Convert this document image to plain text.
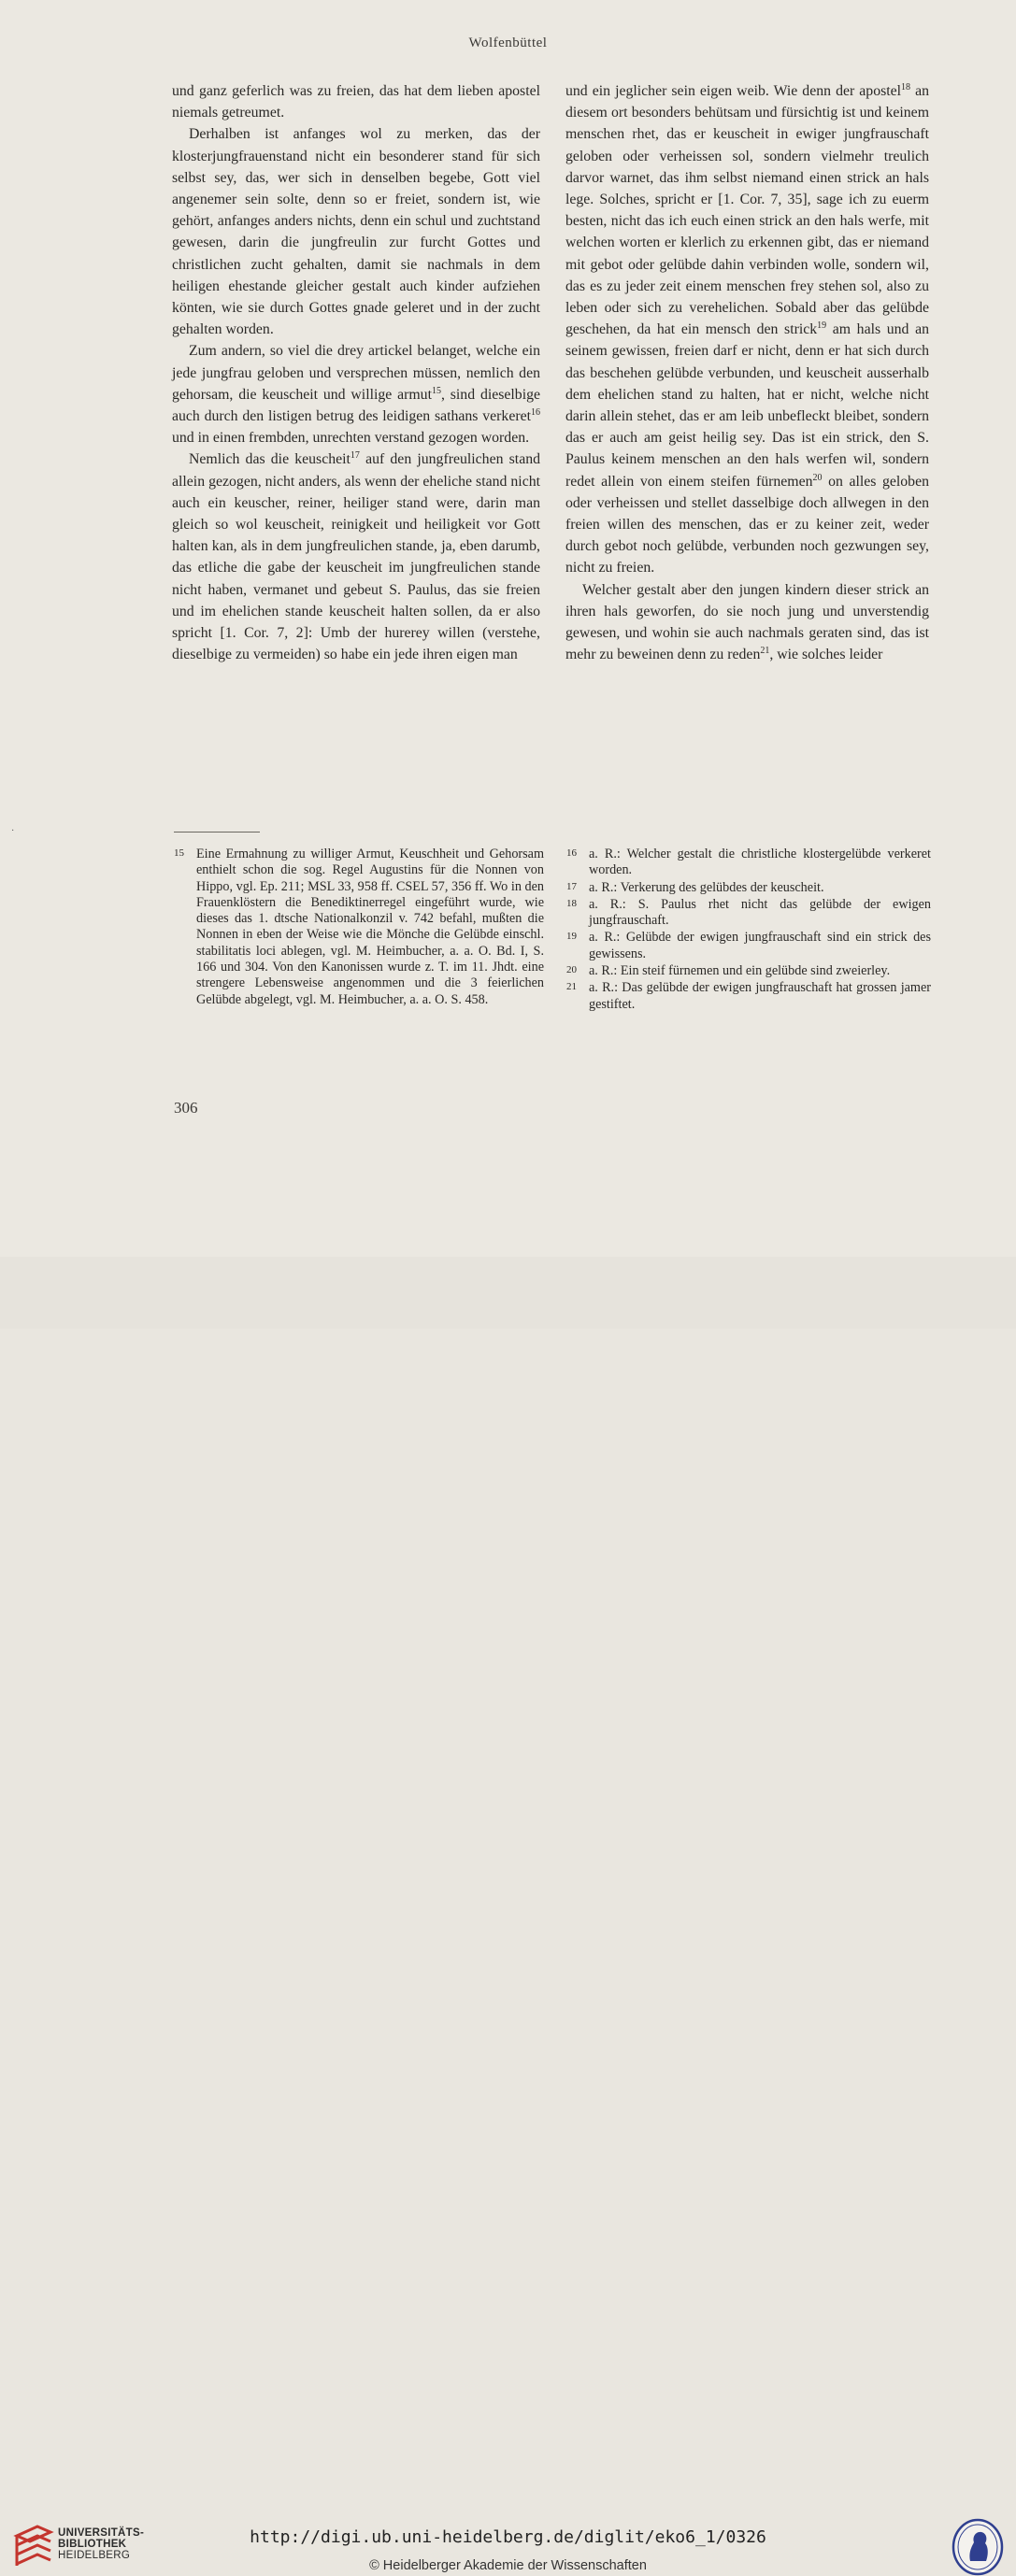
Wolfenbüttel

und ganz geferlich was zu freien, das hat dem lieben apostel niemals getreumet.

Derhalben ist anfanges wol zu merken, das der klosterjungfrauenstand nicht ein besonderer stand für sich selbst sey, das, wer sich in denselben begebe, Gott viel angenemer sein solte, denn so er freiet, sondern ist, wie gehört, anfanges anders nichts, denn ein schul und zuchtstand gewesen, darin die jungfreulin zur furcht Gottes und christlichen zucht gehalten, damit sie nachmals in dem heiligen ehestande gleicher gestalt auch kinder aufziehen könten, wie sie durch Gottes gnade geleret und in der zucht gehalten worden.

Zum andern, so viel die drey artickel belanget, welche ein jede jungfrau geloben und versprechen müssen, nemlich den gehorsam, die keuscheit und willige armut$^{15}$, sind dieselbige auch durch den listigen betrug des leidigen sathans verkeret$^{16}$ und in einen frembden, unrechten verstand gezogen worden.

Nemlich das die keuscheit$^{17}$ auf den jungfreulichen stand allein gezogen, nicht anders, als wenn der eheliche stand nicht auch ein keuscher, reiner, heiliger stand were, darin man gleich so wol keuscheit, reinigkeit und heiligkeit vor Gott halten kan, als in dem jungfreulichen stande, ja, eben darumb, das etliche die gabe der keuscheit im jungfreulichen stande nicht haben, vermanet und gebeut S. Paulus, das sie freien und im ehelichen stande keuscheit halten sollen, da er also spricht [1. Cor. 7, 2]: Umb der hurerey willen (verstehe, dieselbige zu vermeiden) so habe ein jede ihren eigen man

und ein jeglicher sein eigen weib. Wie denn der apostel$^{18}$ an diesem ort besonders behütsam und fürsichtig ist und keinem menschen rhet, das er keuscheit in ewiger jungfrauschaft geloben oder verheissen sol, sondern vielmehr treulich darvor warnet, das ihm selbst niemand einen strick an hals lege. Solches, spricht er [1. Cor. 7, 35], sage ich zu euerm besten, nicht das ich euch einen strick an den hals werfe, mit welchen worten er klerlich zu erkennen gibt, das er niemand mit gebot oder gelübde dahin verbinden wolle, sondern wil, das es zu jeder zeit einem menschen frey stehen sol, also zu leben oder sich zu verehelichen. Sobald aber das gelübde geschehen, da hat ein mensch den strick$^{19}$ am hals und an seinem gewissen, freien darf er nicht, denn er hat sich durch das beschehen gelübde verbunden, und keuscheit ausserhalb dem ehelichen stand zu halten, hat er nicht, welche nicht darin allein stehet, das er am leib unbefleckt bleibet, sondern das er auch am geist heilig sey. Das ist ein strick, den S. Paulus keinem menschen an den hals werfen wil, sondern redet allein von einem steifen fürnemen$^{20}$ on alles geloben oder verheissen und stellet dasselbige doch allwegen in den freien willen des menschen, das er zu keiner zeit, weder durch gebot noch gelübde, verbunden noch gezwungen sey, nicht zu freien.

Welcher gestalt aber den jungen kindern dieser strick an ihren hals geworfen, do sie noch jung und unverstendig gewesen, und wohin sie auch nachmals geraten sind, das ist mehr zu beweinen denn zu reden$^{21}$, wie solches leider

15 Eine Ermahnung zu williger Armut, Keuschheit und Gehorsam enthielt schon die sog. Regel Augustins für die Nonnen von Hippo, vgl. Ep. 211; MSL 33, 958 ff. CSEL 57, 356 ff. Wo in den Frauenklöstern die Benediktinerregel eingeführt wurde, wie dieses das 1. dtsche Nationalkonzil v. 742 befahl, mußten die Nonnen in eben der Weise wie die Mönche die Gelübde einschl. stabilitatis loci ablegen, vgl. M. Heimbucher, a. a. O. Bd. I, S. 166 und 304. Von den Kanonissen wurde z. T. im 11. Jhdt. eine strengere Lebensweise angenommen und die 3 feierlichen Gelübde abgelegt, vgl. M. Heimbucher, a. a. O. S. 458.
16 a. R.: Welcher gestalt die christliche klostergelübde verkeret worden.
17 a. R.: Verkerung des gelübdes der keuscheit.
18 a. R.: S. Paulus rhet nicht das gelübde der ewigen jungfrauschaft.
19 a. R.: Gelübde der ewigen jungfrauschaft sind ein strick des gewissens.
20 a. R.: Ein steif fürnemen und ein gelübde sind zweierley.
21 a. R.: Das gelübde der ewigen jungfrauschaft hat grossen jamer gestiftet.
306
·
UNIVERSITÄTS-
BIBLIOTHEK
HEIDELBERG
http://digi.ub.uni-heidelberg.de/diglit/eko6_1/0326
© Heidelberger Akademie der Wissenschaften
